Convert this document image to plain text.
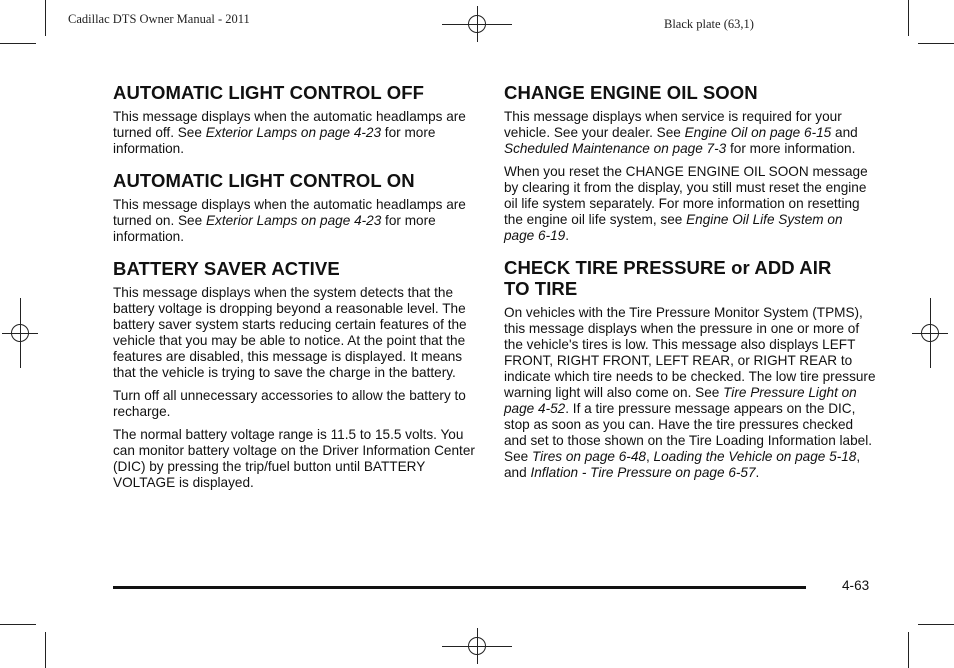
Cadillac DTS Owner Manual - 2011	Black plate (63,1)
AUTOMATIC LIGHT CONTROL OFF

This message displays when the automatic headlamps are turned off. See Exterior Lamps on page 4-23 for more information.

AUTOMATIC LIGHT CONTROL ON

This message displays when the automatic headlamps are turned on. See Exterior Lamps on page 4-23 for more information.

BATTERY SAVER ACTIVE

This message displays when the system detects that the battery voltage is dropping beyond a reasonable level. The battery saver system starts reducing certain features of the vehicle that you may be able to notice. At the point that the features are disabled, this message is displayed. It means that the vehicle is trying to save the charge in the battery.

Turn off all unnecessary accessories to allow the battery to recharge.

The normal battery voltage range is 11.5 to 15.5 volts. You can monitor battery voltage on the Driver Information Center (DIC) by pressing the trip/fuel button until BATTERY VOLTAGE is displayed.

CHANGE ENGINE OIL SOON

This message displays when service is required for your vehicle. See your dealer. See Engine Oil on page 6-15 and Scheduled Maintenance on page 7-3 for more information.

When you reset the CHANGE ENGINE OIL SOON message by clearing it from the display, you still must reset the engine oil life system separately. For more information on resetting the engine oil life system, see Engine Oil Life System on page 6-19.

CHECK TIRE PRESSURE or ADD AIR TO TIRE

On vehicles with the Tire Pressure Monitor System (TPMS), this message displays when the pressure in one or more of the vehicle's tires is low. This message also displays LEFT FRONT, RIGHT FRONT, LEFT REAR, or RIGHT REAR to indicate which tire needs to be checked. The low tire pressure warning light will also come on. See Tire Pressure Light on page 4-52. If a tire pressure message appears on the DIC, stop as soon as you can. Have the tire pressures checked and set to those shown on the Tire Loading Information label. See Tires on page 6-48, Loading the Vehicle on page 5-18, and Inflation - Tire Pressure on page 6-57.

4-63
